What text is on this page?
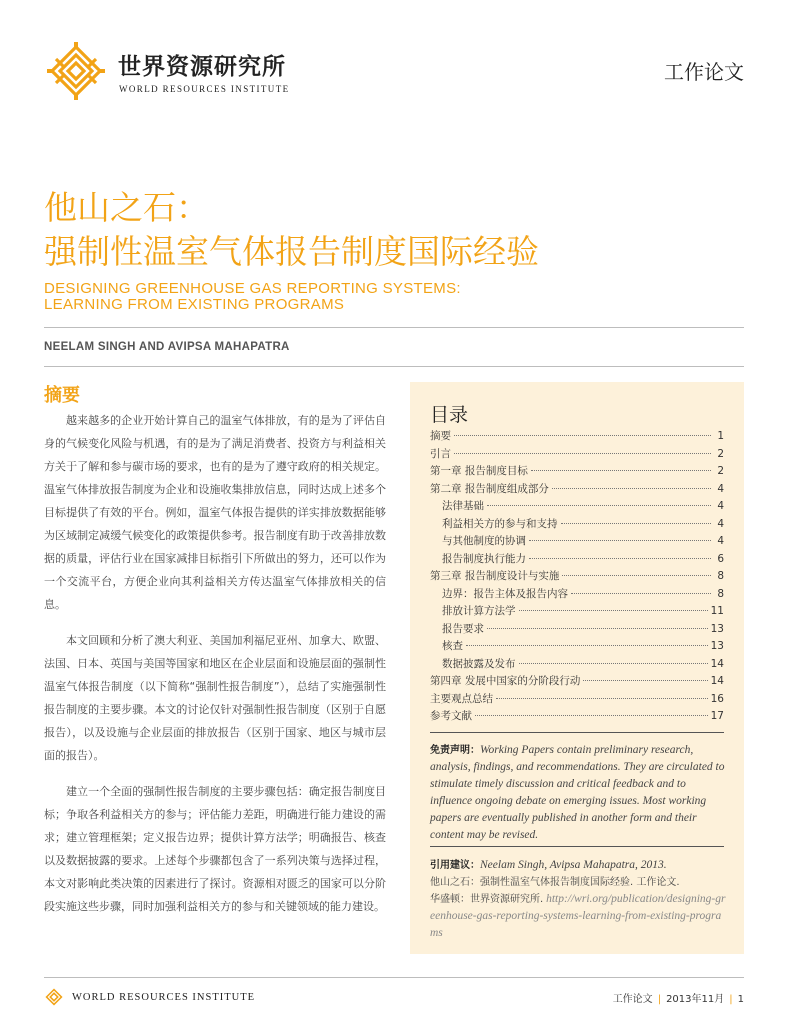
世界资源研究所
WORLD RESOURCES INSTITUTE
工作论文
他山之石：
强制性温室气体报告制度国际经验
DESIGNING GREENHOUSE GAS REPORTING SYSTEMS:
LEARNING FROM EXISTING PROGRAMS
NEELAM SINGH AND AVIPSA MAHAPATRA
摘要

越来越多的企业开始计算自己的温室气体排放，有的是为了评估自身的气候变化风险与机遇，有的是为了满足消费者、投资方与利益相关方关于了解和参与碳市场的要求，也有的是为了遵守政府的相关规定。温室气体排放报告制度为企业和设施收集排放信息，同时达成上述多个目标提供了有效的平台。例如，温室气体报告提供的详实排放数据能够为区域制定减缓气候变化的政策提供参考。报告制度有助于改善排放数据的质量，评估行业在国家减排目标指引下所做出的努力，还可以作为一个交流平台，方便企业向其利益相关方传达温室气体排放相关的信息。

本文回顾和分析了澳大利亚、美国加利福尼亚州、加拿大、欧盟、法国、日本、英国与美国等国家和地区在企业层面和设施层面的强制性温室气体报告制度（以下简称“强制性报告制度”），总结了实施强制性报告制度的主要步骤。本文的讨论仅针对强制性报告制度（区别于自愿报告），以及设施与企业层面的排放报告（区别于国家、地区与城市层面的报告）。

建立一个全面的强制性报告制度的主要步骤包括：确定报告制度目标；争取各利益相关方的参与；评估能力差距，明确进行能力建设的需求；建立管理框架；定义报告边界；提供计算方法学；明确报告、核查以及数据披露的要求。上述每个步骤都包含了一系列决策与选择过程，本文对影响此类决策的因素进行了探讨。资源相对匮乏的国家可以分阶段实施这些步骤，同时加强利益相关方的参与和关键领域的能力建设。

目录
摘要	1
引言	2
第一章 报告制度目标	2
第二章 报告制度组成部分	4
法律基础	4
利益相关方的参与和支持	4
与其他制度的协调	4
报告制度执行能力	6
第三章 报告制度设计与实施	8
边界：报告主体及报告内容	8
排放计算方法学	11
报告要求	13
核查	13
数据披露及发布	14
第四章 发展中国家的分阶段行动	14
主要观点总结	16
参考文献	17
免责声明：Working Papers contain preliminary research, analysis, findings, and recommendations. They are circulated to stimulate timely discussion and critical feedback and to influence ongoing debate on emerging issues. Most working papers are eventually published in another form and their content may be revised.
引用建议：Neelam Singh, Avipsa Mahapatra, 2013.
他山之石：强制性温室气体报告制度国际经验. 工作论文.
华盛顿：世界资源研究所. http://wri.org/publication/designing-greenhouse-gas-reporting-systems-learning-from-existing-programs
WORLD RESOURCES INSTITUTE	工作论文 | 2013年11月 | 1
